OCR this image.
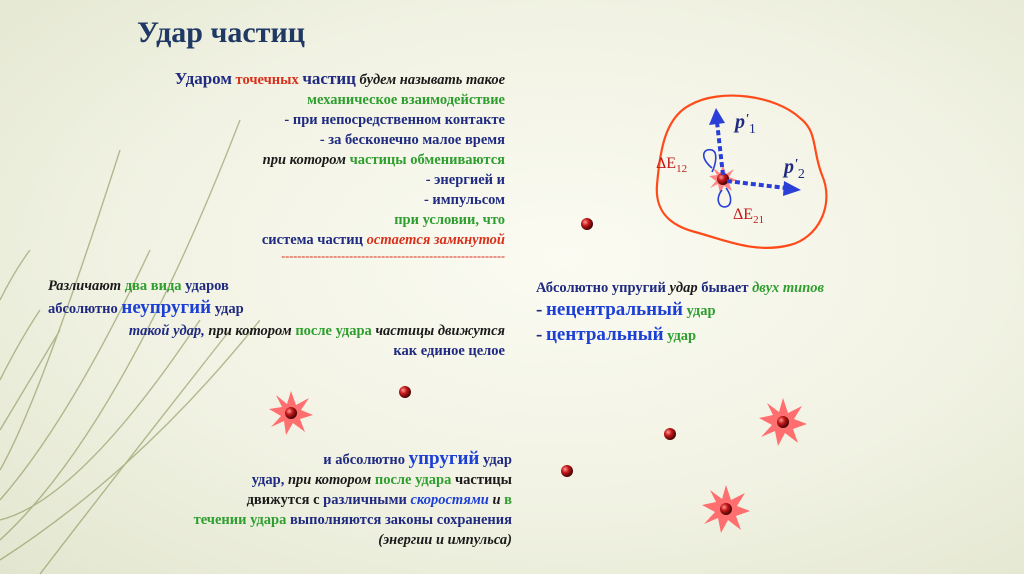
Удар частиц
Ударом точечных частиц будем называть такое
механическое взаимодействие
- при непосредственном контакте
- за бесконечно малое время
при котором частицы обмениваются
- энергией и
- импульсом
при условии, что
система частиц остается замкнутой
--------------------------------------------------------
Различают два вида ударов
абсолютно неупругий удар
такой удар, при котором после удара частицы движутся
как единое целое
и абсолютно упругий удар
удар, при котором после удара частицы
движутся с различными скоростями и в
течении удара выполняются законы сохранения
(энергии и импульса)
Абсолютно упругий удар бывает двух типов
- нецентральный удар
- центральный удар
$p'_1$
$p'_2$
$\Delta E_{12}$
$\Delta E_{21}$
